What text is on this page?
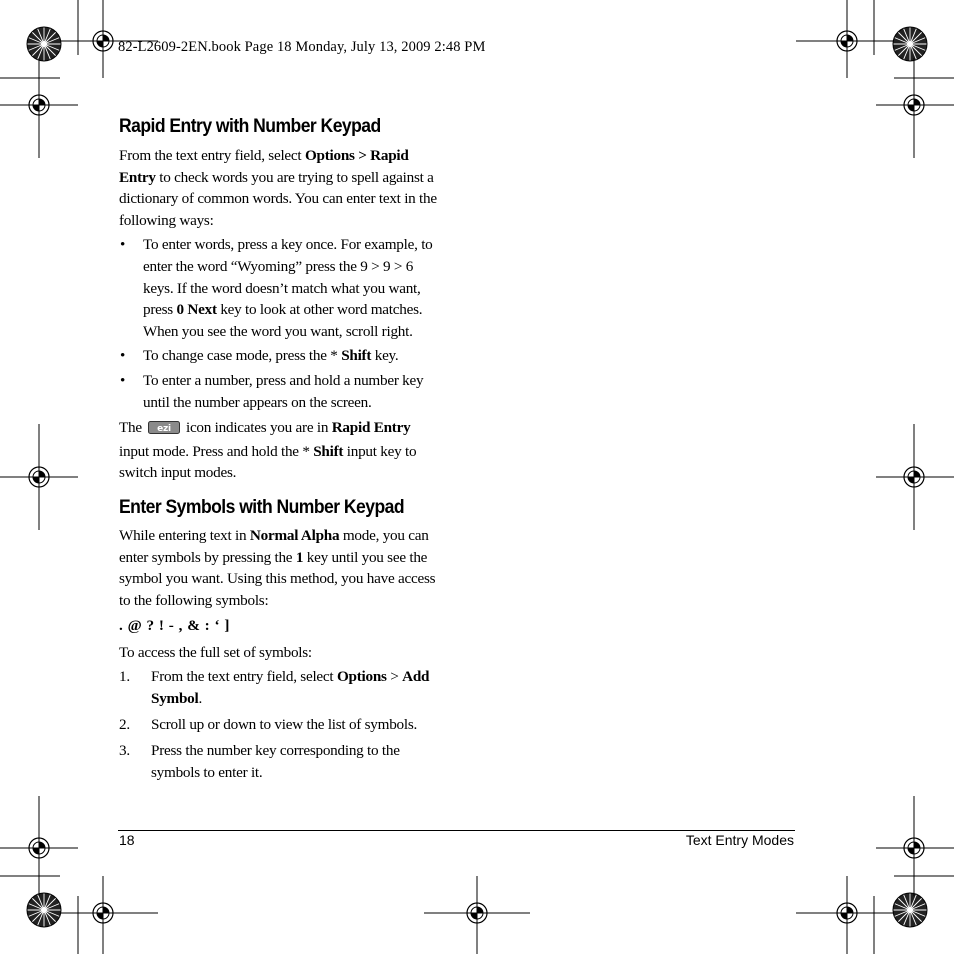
82-L2609-2EN.book Page 18 Monday, July 13, 2009 2:48 PM
Rapid Entry with Number Keypad

From the text entry field, select Options > Rapid Entry to check words you are trying to spell against a dictionary of common words. You can enter text in the following ways:

• To enter words, press a key once. For example, to enter the word “Wyoming” press the 9 > 9 > 6 keys. If the word doesn’t match what you want, press 0 Next key to look at other word matches. When you see the word you want, scroll right.
• To change case mode, press the * Shift key.
• To enter a number, press and hold a number key until the number appears on the screen.

The ezi icon indicates you are in Rapid Entry input mode. Press and hold the * Shift input key to switch input modes.

Enter Symbols with Number Keypad

While entering text in Normal Alpha mode, you can enter symbols by pressing the 1 key until you see the symbol you want. Using this method, you have access to the following symbols:

. @ ? ! - , & : ‘ ]

To access the full set of symbols:

1. From the text entry field, select Options > Add Symbol.
2. Scroll up or down to view the list of symbols.
3. Press the number key corresponding to the symbols to enter it.
18	Text Entry Modes
